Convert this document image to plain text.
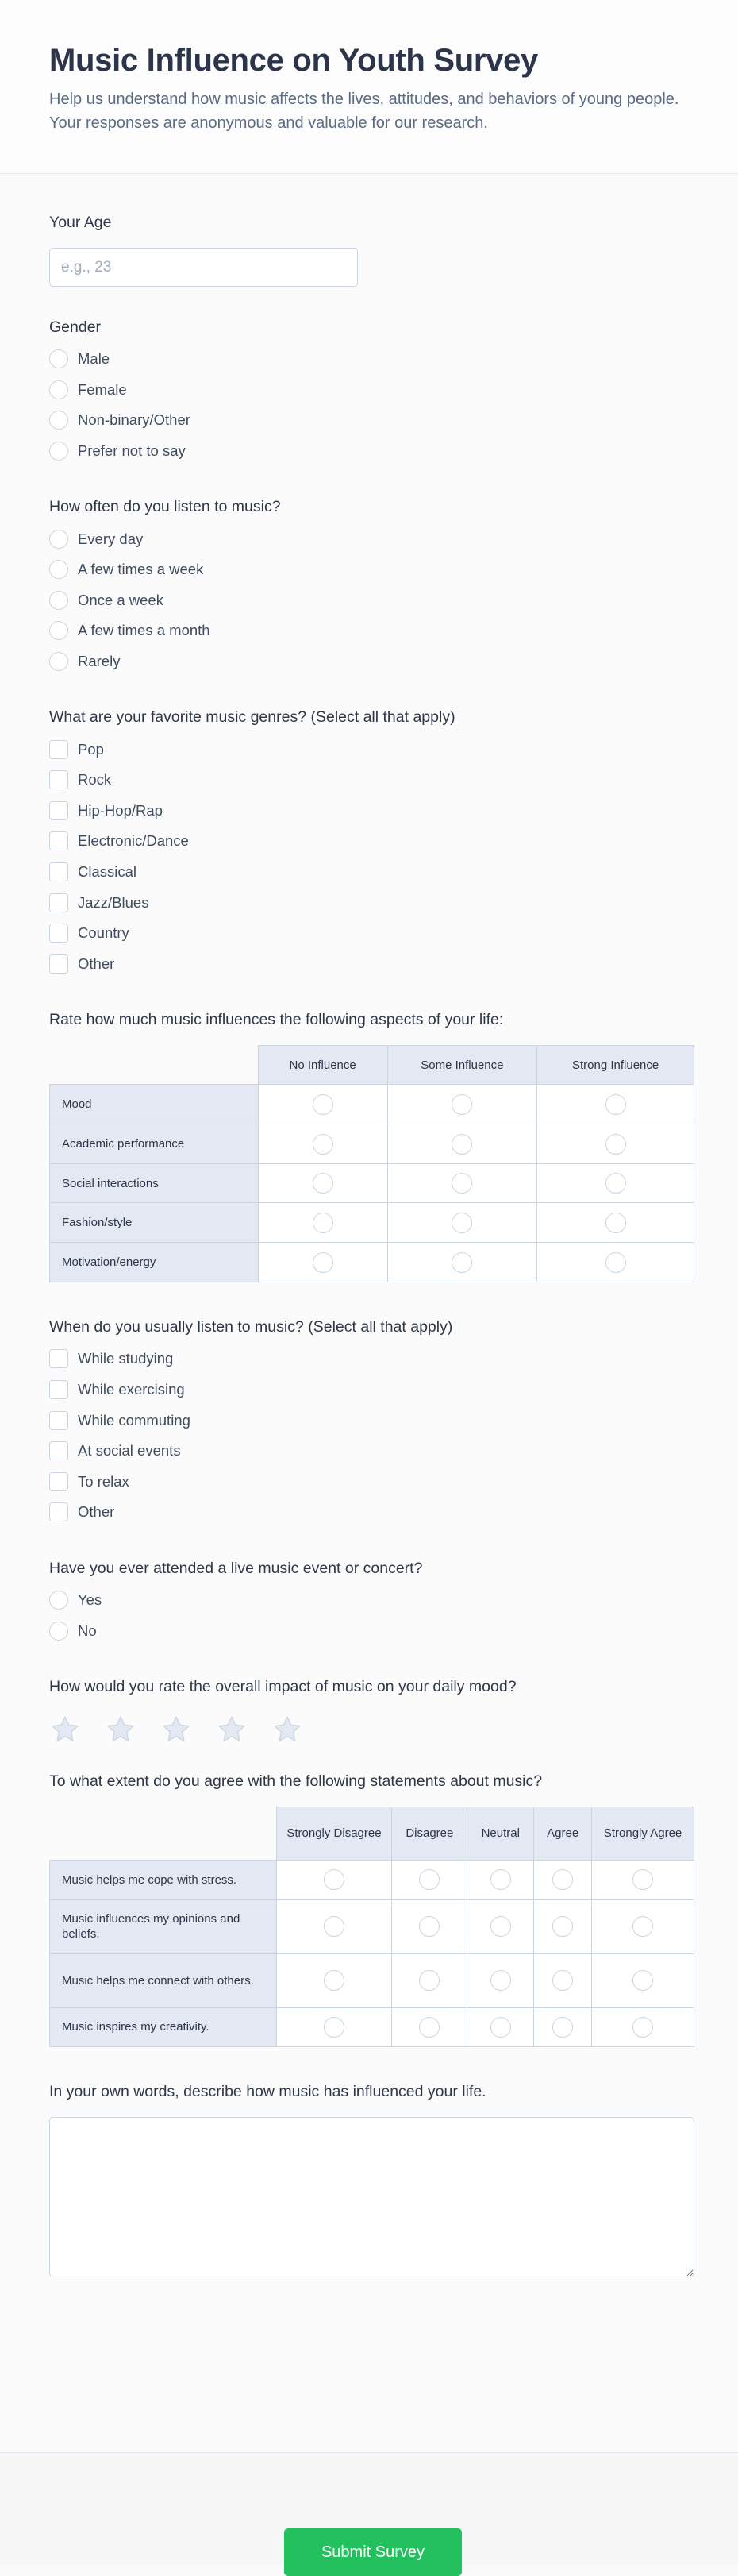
Music Influence on Youth Survey

Help us understand how music affects the lives, attitudes, and behaviors of young people. Your responses are anonymous and valuable for our research.

Your Age
e.g., 23
Gender
Male
Female
Non-binary/Other
Prefer not to say
How often do you listen to music?
Every day
A few times a week
Once a week
A few times a month
Rarely
What are your favorite music genres? (Select all that apply)
Pop
Rock
Hip-Hop/Rap
Electronic/Dance
Classical
Jazz/Blues
Country
Other
Rate how much music influences the following aspects of your life:
	No Influence	Some Influence	Strong Influence
Mood			
Academic performance			
Social interactions			
Fashion/style			
Motivation/energy			
When do you usually listen to music? (Select all that apply)
While studying
While exercising
While commuting
At social events
To relax
Other
Have you ever attended a live music event or concert?
Yes
No
How would you rate the overall impact of music on your daily mood?
To what extent do you agree with the following statements about music?
	Strongly Disagree	Disagree	Neutral	Agree	Strongly Agree
Music helps me cope with stress.					
Music influences my opinions and beliefs.					
Music helps me connect with others.					
Music inspires my creativity.					
In your own words, describe how music has influenced your life.
Submit Survey
